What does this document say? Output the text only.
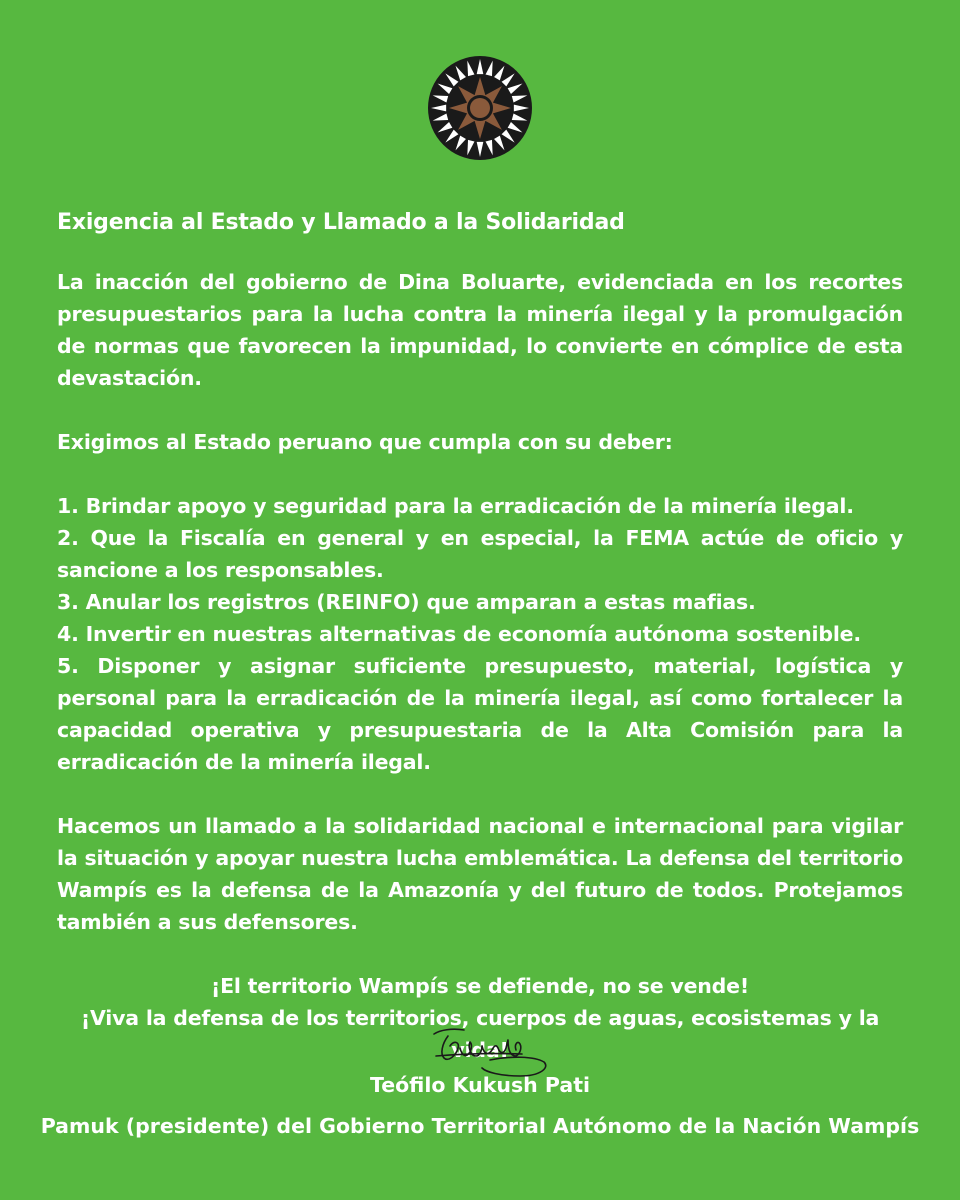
Exigencia al Estado y Llamado a la Solidaridad

La inacción del gobierno de Dina Boluarte, evidenciada en los recortes presupuestarios para la lucha contra la minería ilegal y la promulgación de normas que favorecen la impunidad, lo convierte en cómplice de esta devastación.

Exigimos al Estado peruano que cumpla con su deber:

1. Brindar apoyo y seguridad para la erradicación de la minería ilegal.
2. Que la Fiscalía en general y en especial, la FEMA actúe de oficio y sancione a los responsables.
3. Anular los registros (REINFO) que amparan a estas mafias.
4. Invertir en nuestras alternativas de economía autónoma sostenible.
5. Disponer y asignar suficiente presupuesto, material, logística y personal para la erradicación de la minería ilegal, así como fortalecer la capacidad operativa y presupuestaria de la Alta Comisión para la erradicación de la minería ilegal.

Hacemos un llamado a la solidaridad nacional e internacional para vigilar la situación y apoyar nuestra lucha emblemática. La defensa del territorio Wampís es la defensa de la Amazonía y del futuro de todos. Protejamos también a sus defensores.

¡El territorio Wampís se defiende, no se vende!

¡Viva la defensa de los territorios, cuerpos de aguas, ecosistemas y la vida!

Teófilo Kukush Pati
Pamuk (presidente) del Gobierno Territorial Autónomo de la Nación Wampís
